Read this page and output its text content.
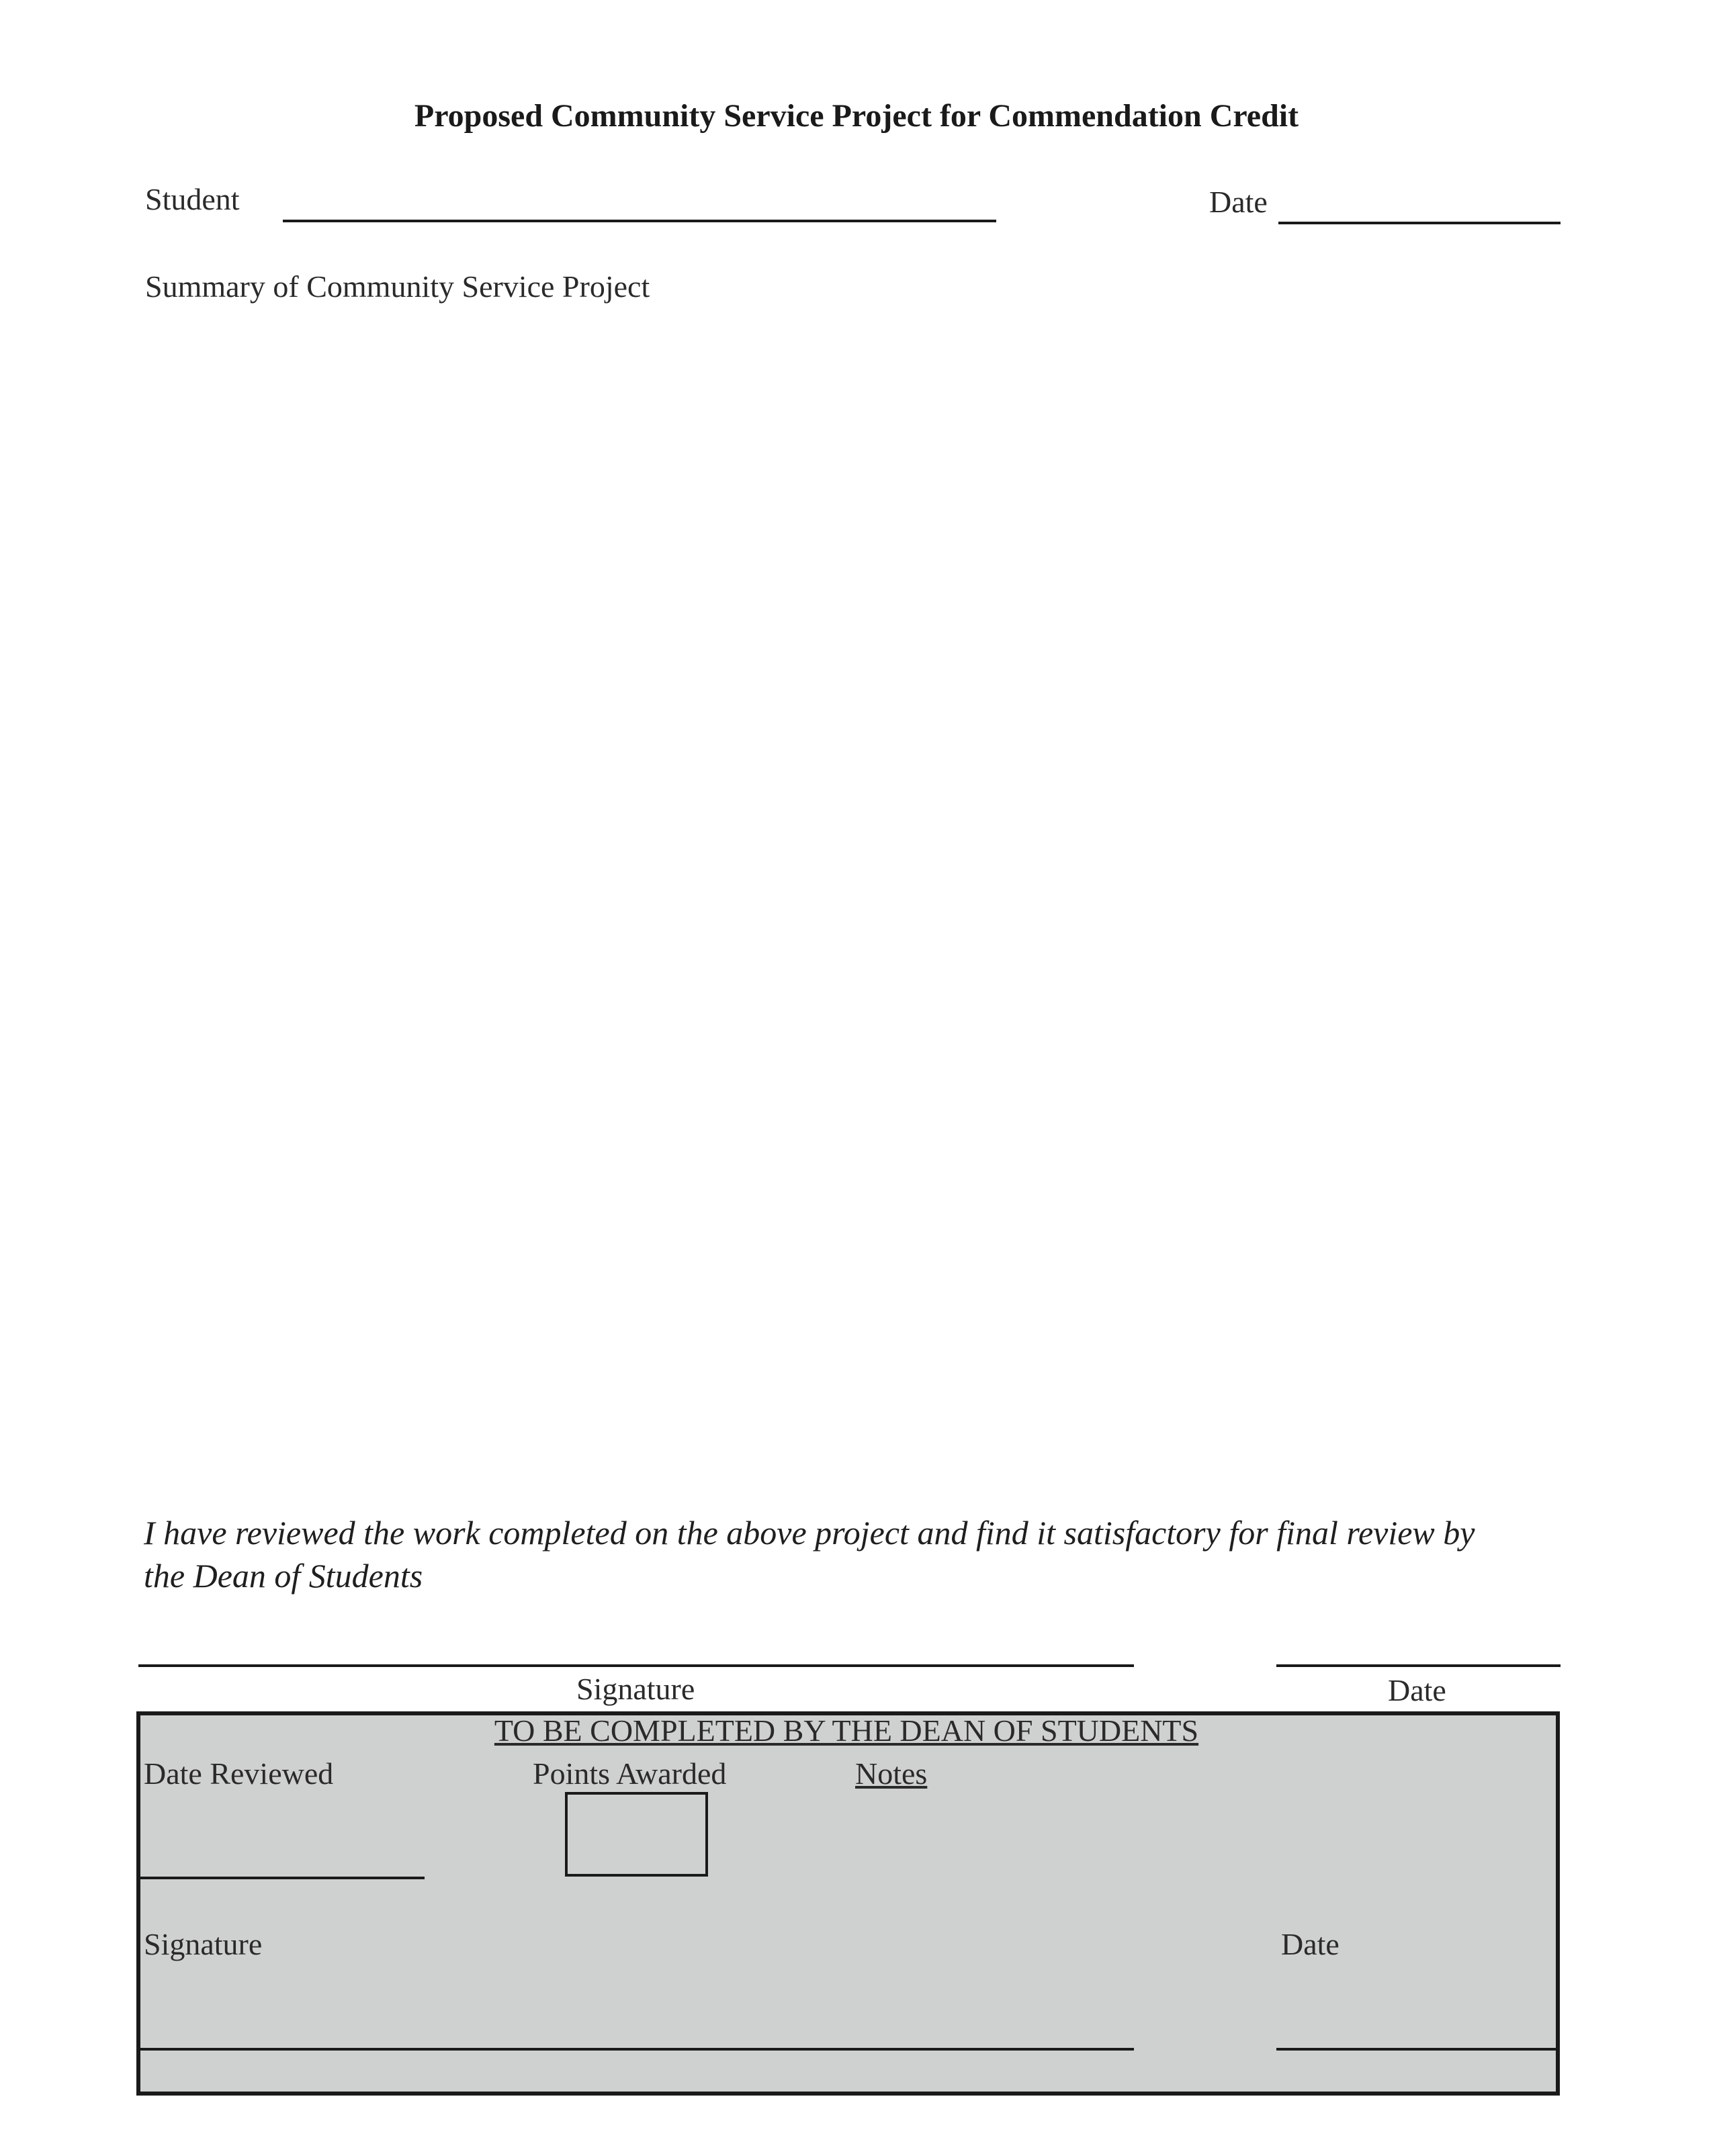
Proposed Community Service Project for Commendation Credit
Student	Date
Summary of Community Service Project
I have reviewed the work completed on the above project and find it satisfactory for final review by the Dean of Students
Signature	Date
TO BE COMPLETED BY THE DEAN OF STUDENTS
Date Reviewed	Points Awarded	Notes
Signature	Date
